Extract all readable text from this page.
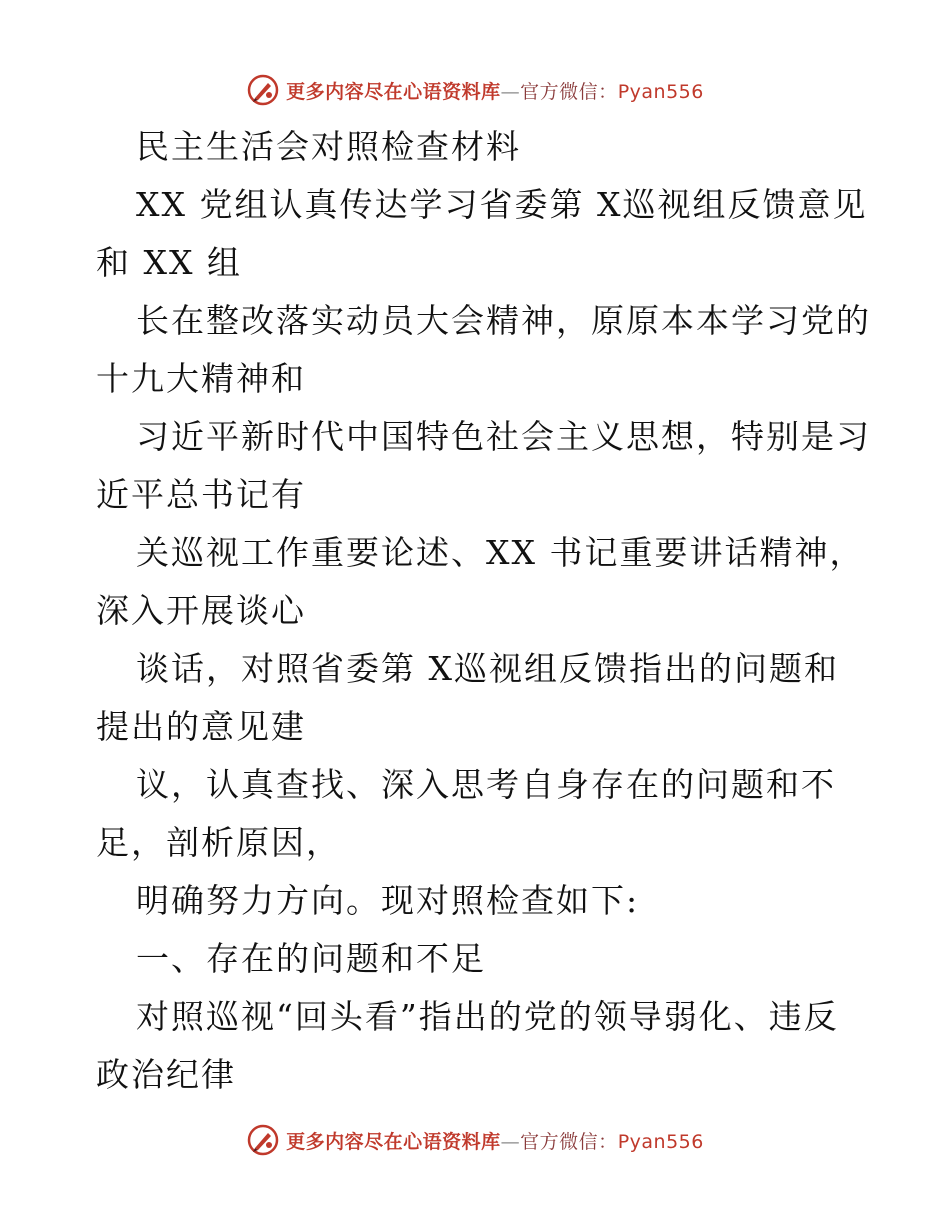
更多内容尽在心语资料库—官方微信：Pyan556
民主生活会对照检查材料
XX 党组认真传达学习省委第 X巡视组反馈意见
和 XX 组
长在整改落实动员大会精神，原原本本学习党的
十九大精神和
习近平新时代中国特色社会主义思想，特别是习
近平总书记有
关巡视工作重要论述、XX 书记重要讲话精神，
深入开展谈心
谈话，对照省委第 X巡视组反馈指出的问题和
提出的意见建
议，认真查找、深入思考自身存在的问题和不
足，剖析原因，
明确努力方向。现对照检查如下:
一、存在的问题和不足
对照巡视“回头看”指出的党的领导弱化、违反
政治纪律
更多内容尽在心语资料库—官方微信：Pyan556
